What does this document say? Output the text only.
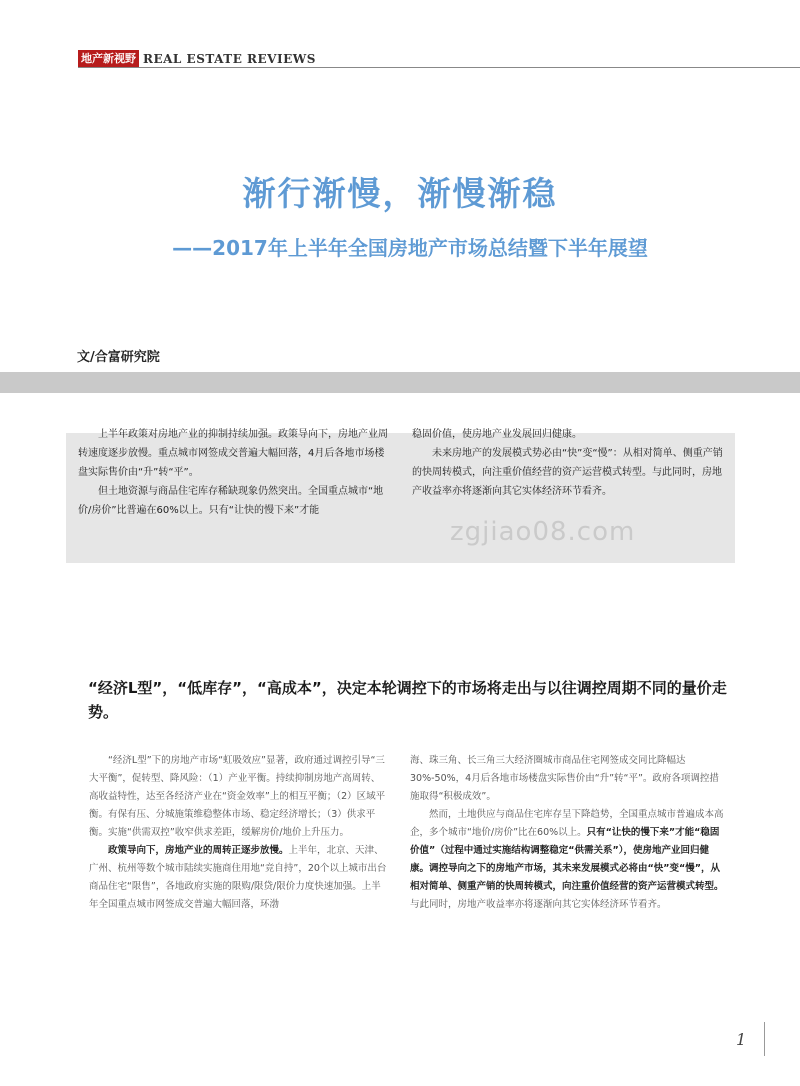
地产新视野 REAL ESTATE REVIEWS
渐行渐慢，渐慢渐稳
——2017年上半年全国房地产市场总结暨下半年展望
文/合富研究院

上半年政策对房地产业的抑制持续加强。政策导向下，房地产业周转速度逐步放慢。重点城市网签成交普遍大幅回落，4月后各地市场楼盘实际售价由“升”转“平”。

但土地资源与商品住宅库存稀缺现象仍然突出。全国重点城市“地价/房价”比普遍在60%以上。只有“让快的慢下来”才能

稳固价值，使房地产业发展回归健康。

未来房地产的发展模式势必由“快”变“慢”：从相对简单、侧重产销的快周转模式，向注重价值经营的资产运营模式转型。与此同时，房地产收益率亦将逐渐向其它实体经济环节看齐。

zgjiao08.com
“经济L型”，“低库存”，“高成本”，决定本轮调控下的市场将走出与以往调控周期不同的量价走势。

“经济L型”下的房地产市场“虹吸效应”显著，政府通过调控引导“三大平衡”，促转型、降风险：（1）产业平衡。持续抑制房地产高周转、高收益特性，达至各经济产业在“资金效率”上的相互平衡；（2）区域平衡。有保有压、分城施策维稳整体市场、稳定经济增长；（3）供求平衡。实施“供需双控”收窄供求差距，缓解房价/地价上升压力。

政策导向下，房地产业的周转正逐步放慢。上半年，北京、天津、广州、杭州等数个城市陆续实施商住用地“竞自持”，20个以上城市出台商品住宅“限售”，各地政府实施的限购/限贷/限价力度快速加强。上半年全国重点城市网签成交普遍大幅回落，环渤

海、珠三角、长三角三大经济圈城市商品住宅网签成交同比降幅达30%-50%，4月后各地市场楼盘实际售价由“升”转“平”。政府各项调控措施取得“积极成效”。

然而，土地供应与商品住宅库存呈下降趋势，全国重点城市普遍成本高企，多个城市“地价/房价”比在60%以上。只有“让快的慢下来”才能“稳固价值”（过程中通过实施结构调整稳定“供需关系”），使房地产业回归健康。调控导向之下的房地产市场，其未来发展模式必将由“快”变“慢”，从相对简单、侧重产销的快周转模式，向注重价值经营的资产运营模式转型。与此同时，房地产收益率亦将逐渐向其它实体经济环节看齐。

1
